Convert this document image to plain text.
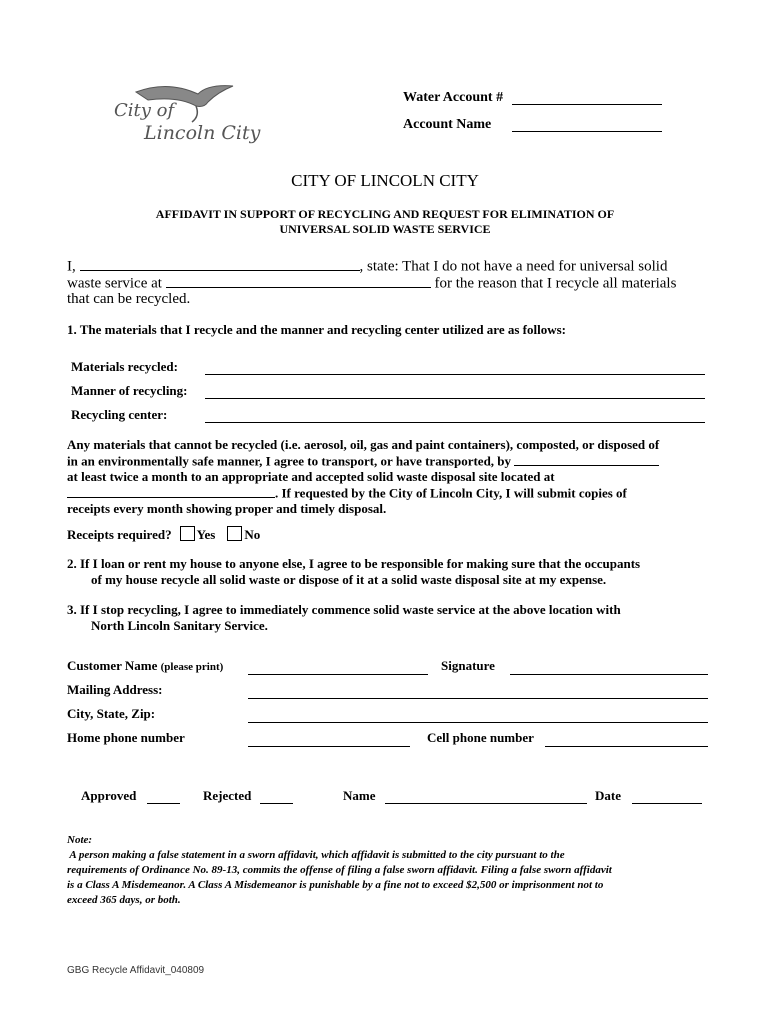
City of
Lincoln City
Water Account #
Account Name
CITY OF LINCOLN CITY
AFFIDAVIT IN SUPPORT OF RECYCLING AND REQUEST FOR ELIMINATION OF
UNIVERSAL SOLID WASTE SERVICE
I,	, state: That I do not have a need for universal solid
waste service at	for the reason that I recycle all materials
that can be recycled.
1. The materials that I recycle and the manner and recycling center utilized are as follows:
Materials recycled:
Manner of recycling:
Recycling center:
Any materials that cannot be recycled (i.e. aerosol, oil, gas and paint containers), composted, or disposed of
in an environmentally safe manner, I agree to transport, or have transported, by
at least twice a month to an appropriate and accepted solid waste disposal site located at
. If requested by the City of Lincoln City, I will submit copies of
receipts every month showing proper and timely disposal.
Receipts required? Yes No
2. If I loan or rent my house to anyone else, I agree to be responsible for making sure that the occupants
of my house recycle all solid waste or dispose of it at a solid waste disposal site at my expense.
3. If I stop recycling, I agree to immediately commence solid waste service at the above location with
North Lincoln Sanitary Service.
Customer Name (please print)	Signature
Mailing Address:
City, State, Zip:
Home phone number	Cell phone number
Approved	Rejected	Name	Date
Note:
A person making a false statement in a sworn affidavit, which affidavit is submitted to the city pursuant to the
requirements of Ordinance No. 89-13, commits the offense of filing a false sworn affidavit. Filing a false sworn affidavit
is a Class A Misdemeanor. A Class A Misdemeanor is punishable by a fine not to exceed $2,500 or imprisonment not to
exceed 365 days, or both.
GBG Recycle Affidavit_040809
